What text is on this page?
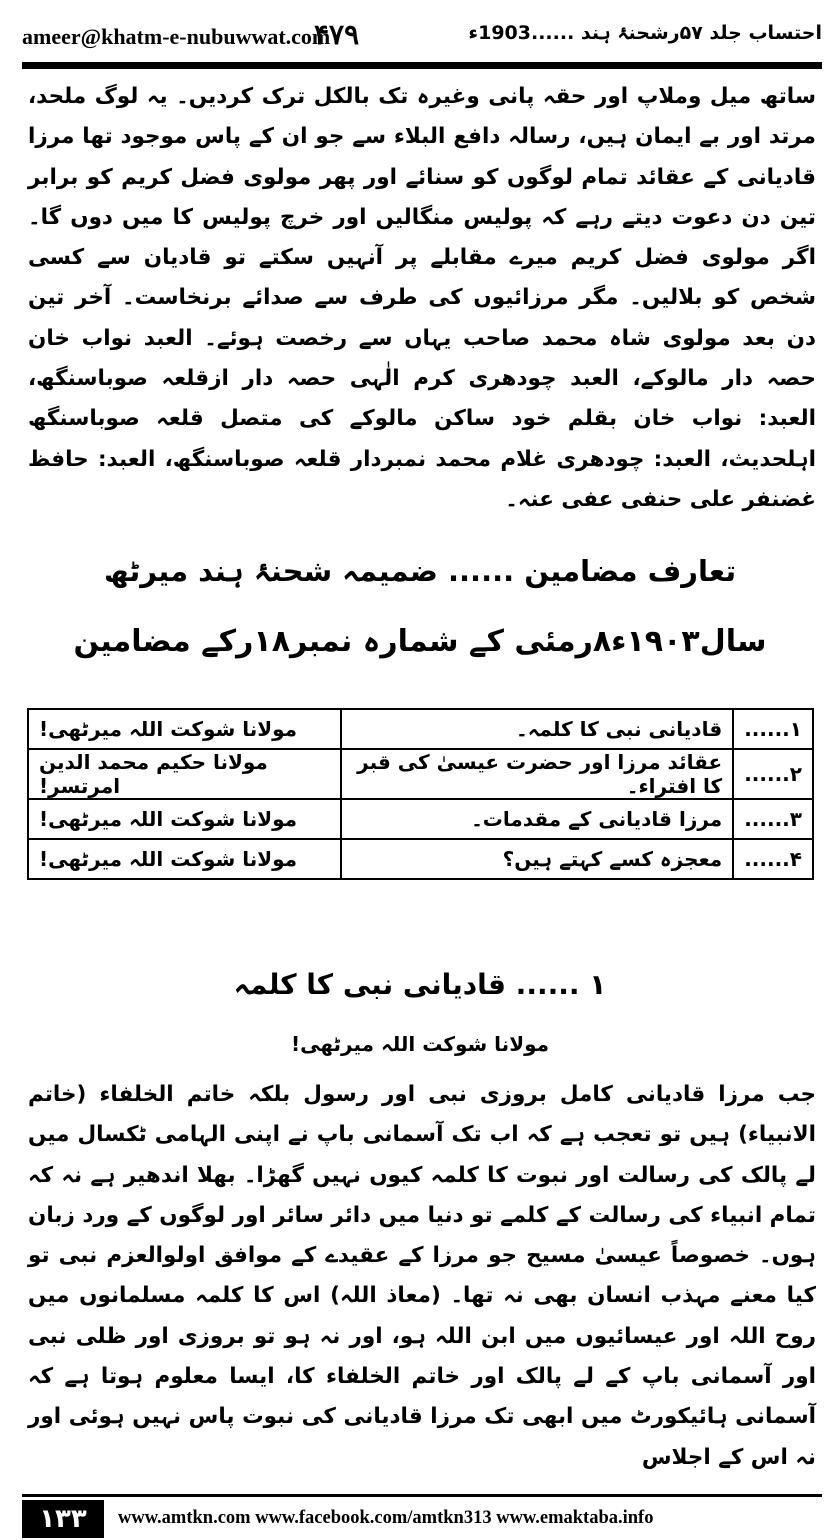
ameer@khatm-e-nubuwwat.com
۴۷۹	احتساب جلد ۵۷رشحنۂ ہند ......1903ء

ساتھ میل وملاپ اور حقہ پانی وغیرہ تک بالکل ترک کردیں۔ یہ لوگ ملحد، مرتد اور بے ایمان ہیں، رسالہ دافع البلاء سے جو ان کے پاس موجود تھا مرزا قادیانی کے عقائد تمام لوگوں کو سنائے اور پھر مولوی فضل کریم کو برابر تین دن دعوت دیتے رہے کہ پولیس منگالیں اور خرچ پولیس کا میں دوں گا۔ اگر مولوی فضل کریم میرے مقابلے پر آنہیں سکتے تو قادیان سے کسی شخص کو بلالیں۔ مگر مرزائیوں کی طرف سے صدائے برنخاست۔ آخر تین دن بعد مولوی شاہ محمد صاحب یہاں سے رخصت ہوئے۔ العبد نواب خان حصہ دار مالوکے، العبد چودھری کرم الٰہی حصہ دار ازقلعہ صوباسنگھ، العبد: نواب خان بقلم خود ساکن مالوکے کی متصل قلعہ صوباسنگھ اہلحدیث، العبد: چودھری غلام محمد نمبردار قلعہ صوباسنگھ، العبد: حافظ غضنفر علی حنفی عفی عنہ۔

تعارف مضامین ...... ضمیمہ شحنۂ ہند میرٹھ
سال۱۹۰۳ء۸رمئی کے شمارہ نمبر۱۸رکے مضامین
۱......	قادیانی نبی کا کلمہ۔	مولانا شوکت اللہ میرٹھی!
۲......	عقائد مرزا اور حضرت عیسیٰ کی قبر کا افتراء۔	مولانا حکیم محمد الدین امرتسر!
۳......	مرزا قادیانی کے مقدمات۔	مولانا شوکت اللہ میرٹھی!
۴......	معجزہ کسے کہتے ہیں؟	مولانا شوکت اللہ میرٹھی!
۱ ...... قادیانی نبی کا کلمہ
مولانا شوکت اللہ میرٹھی!

جب مرزا قادیانی کامل بروزی نبی اور رسول بلکہ خاتم الخلفاء (خاتم الانبیاء) ہیں تو تعجب ہے کہ اب تک آسمانی باپ نے اپنی الہامی ٹکسال میں لے پالک کی رسالت اور نبوت کا کلمہ کیوں نہیں گھڑا۔ بھلا اندھیر ہے نہ کہ تمام انبیاء کی رسالت کے کلمے تو دنیا میں دائر سائر اور لوگوں کے ورد زبان ہوں۔ خصوصاً عیسیٰ مسیح جو مرزا کے عقیدے کے موافق اولوالعزم نبی تو کیا معنے مہذب انسان بھی نہ تھا۔ (معاذ اللہ) اس کا کلمہ مسلمانوں میں روح اللہ اور عیسائیوں میں ابن اللہ ہو، اور نہ ہو تو بروزی اور ظلی نبی اور آسمانی باپ کے لے پالک اور خاتم الخلفاء کا، ایسا معلوم ہوتا ہے کہ آسمانی ہائیکورٹ میں ابھی تک مرزا قادیانی کی نبوت پاس نہیں ہوئی اور نہ اس کے اجلاس

۱۳۳	www.amtkn.com www.facebook.com/amtkn313 www.emaktaba.info
